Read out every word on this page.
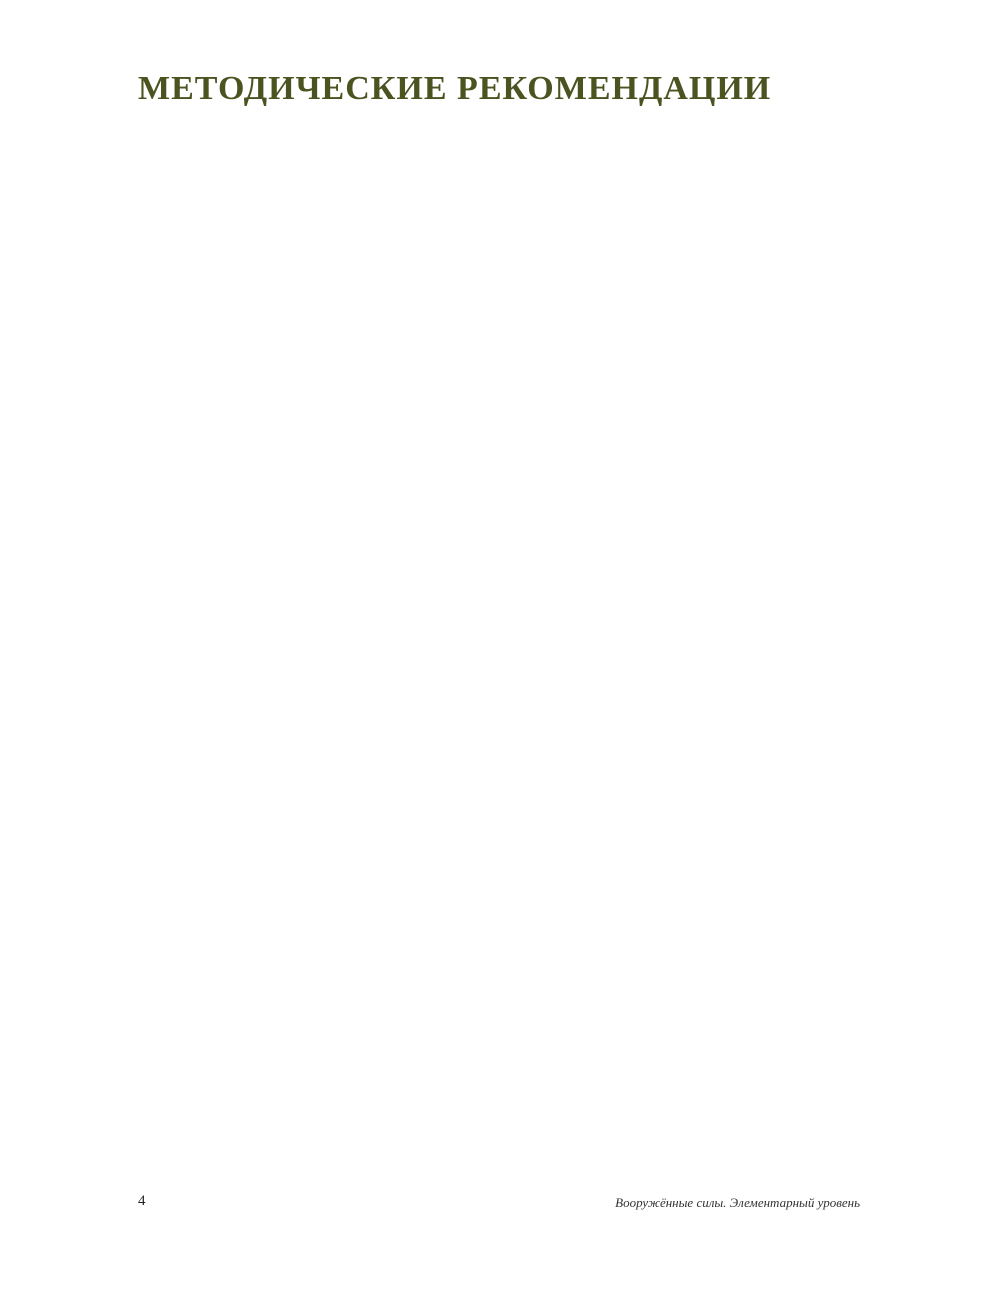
МЕТОДИЧЕСКИЕ РЕКОМЕНДАЦИИ

4	Вооружённые силы. Элементарный уровень
